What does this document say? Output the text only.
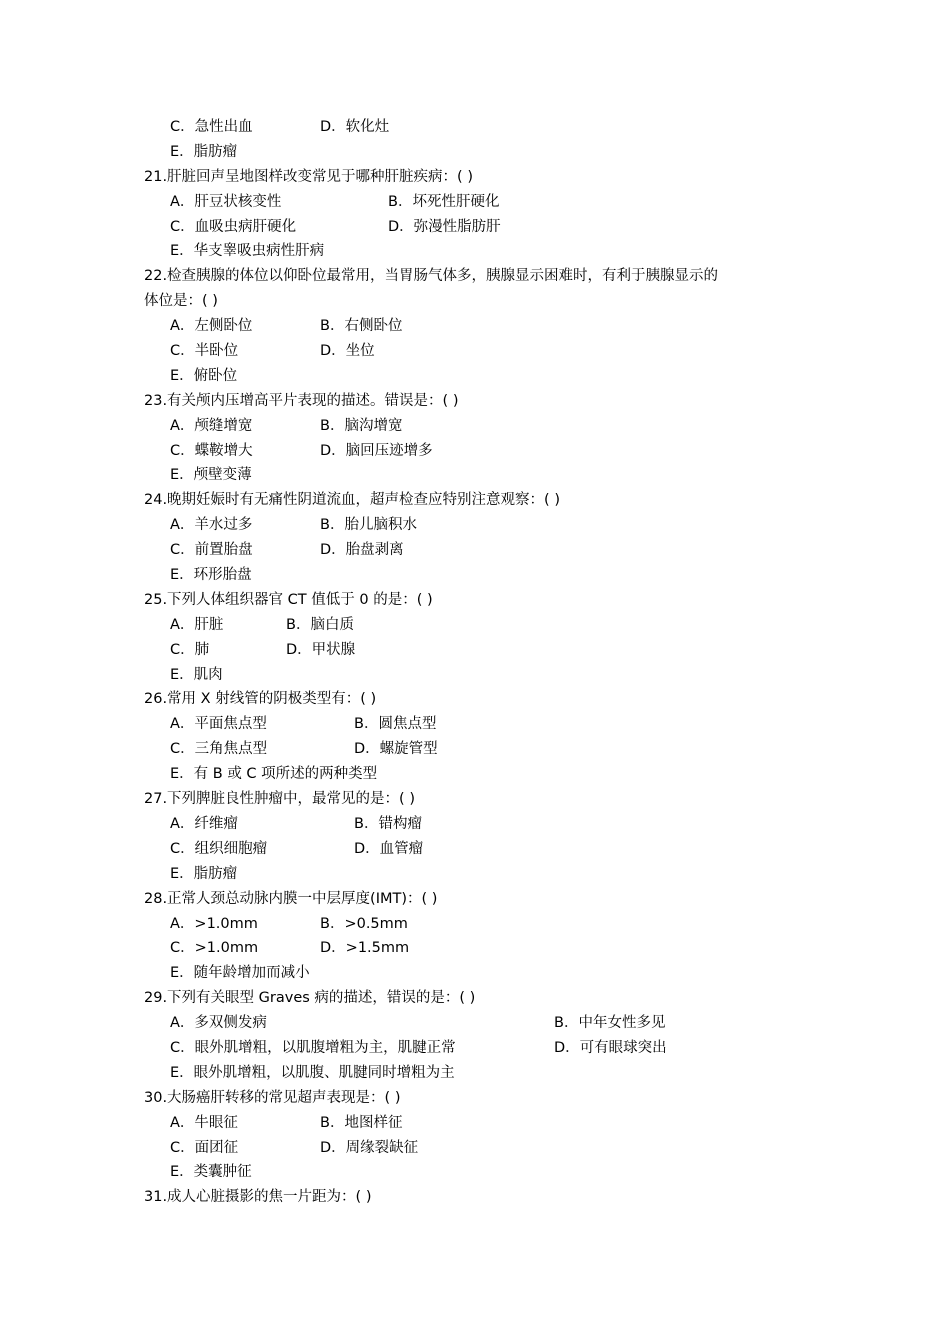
C．急性出血	D．软化灶
E．脂肪瘤
21.肝脏回声呈地图样改变常见于哪种肝脏疾病：( )
A．肝豆状核变性	B．坏死性肝硬化
C．血吸虫病肝硬化	D．弥漫性脂肪肝
E．华支睾吸虫病性肝病
22.检查胰腺的体位以仰卧位最常用，当胃肠气体多，胰腺显示困难时，有利于胰腺显示的
体位是：( )
A．左侧卧位	B．右侧卧位
C．半卧位	D．坐位
E．俯卧位
23.有关颅内压增高平片表现的描述。错误是：( )
A．颅缝增宽	B．脑沟增宽
C．蝶鞍增大	D．脑回压迹增多
E．颅壁变薄
24.晚期妊娠时有无痛性阴道流血，超声检查应特别注意观察：( )
A．羊水过多	B．胎儿脑积水
C．前置胎盘	D．胎盘剥离
E．环形胎盘
25.下列人体组织器官 CT 值低于 0 的是：( )
A．肝脏	B．脑白质
C．肺	D．甲状腺
E．肌肉
26.常用 X 射线管的阴极类型有：( )
A．平面焦点型	B．圆焦点型
C．三角焦点型	D．螺旋管型
E．有 B 或 C 项所述的两种类型
27.下列脾脏良性肿瘤中，最常见的是：( )
A．纤维瘤	B．错构瘤
C．组织细胞瘤	D．血管瘤
E．脂肪瘤
28.正常人颈总动脉内膜一中层厚度(IMT)：( )
A．>1.0mm	B．>0.5mm
C．>1.0mm	D．>1.5mm
E．随年龄增加而减小
29.下列有关眼型 Graves 病的描述，错误的是：( )
A．多双侧发病	B．中年女性多见
C．眼外肌增粗，以肌腹增粗为主，肌腱正常	D．可有眼球突出
E．眼外肌增粗，以肌腹、肌腱同时增粗为主
30.大肠癌肝转移的常见超声表现是：( )
A．牛眼征	B．地图样征
C．面团征	D．周缘裂缺征
E．类囊肿征
31.成人心脏摄影的焦一片距为：( )
